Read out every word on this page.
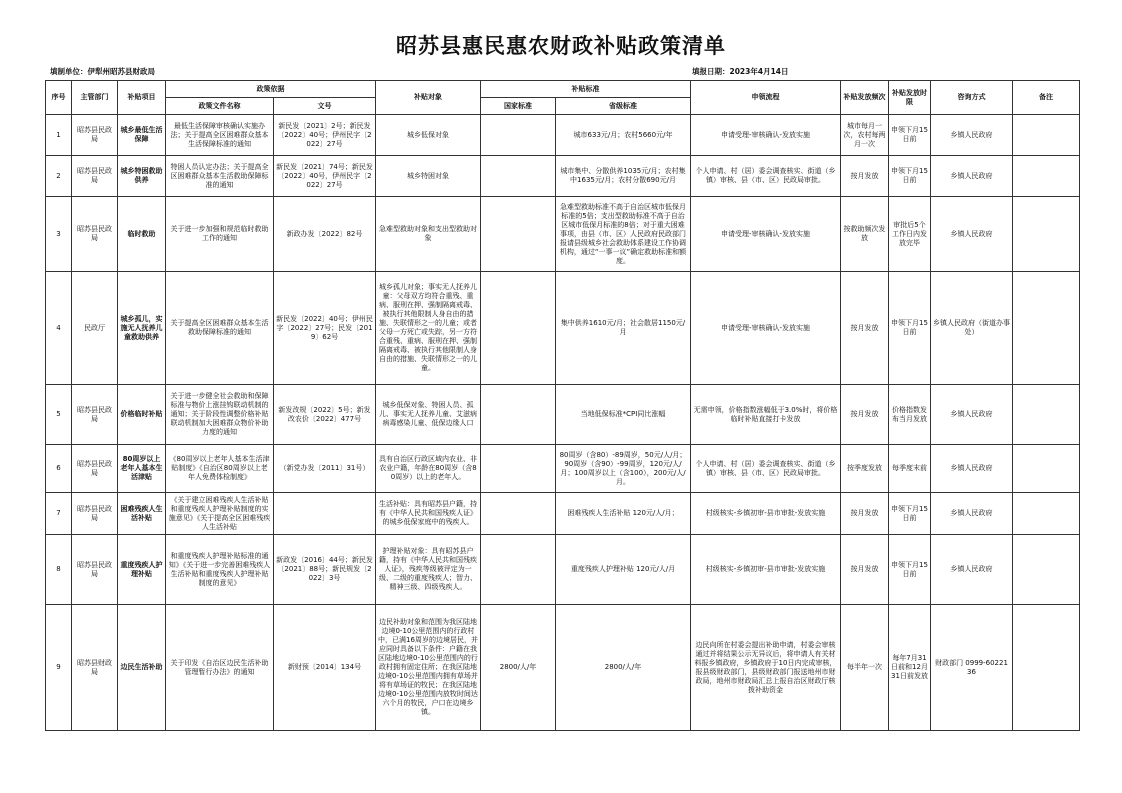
昭苏县惠民惠农财政补贴政策清单
填制单位：伊犁州昭苏县财政局	填报日期：2023年4月14日
序号	主管部门	补贴项目	政策依据		补贴对象	补贴标准		申领流程	补贴发放频次	补贴发放时限	咨询方式	备注
			政策文件名称	文号		国家标准	省级标准					
1	昭苏县民政局	城乡最低生活保障	最低生活保障审核确认实施办法；关于提高全区困难群众基本生活保障标准的通知	新民发〔2021〕2号；新民发〔2022〕40号；伊州民字〔2022〕27号	城乡低保对象		城市633元/月；农村5660元/年	申请受理-审核确认-发放实施	城市每月一次，农村每两月一次	申领下月15日前	乡镇人民政府	
2	昭苏县民政局	城乡特困救助供养	特困人员认定办法；关于提高全区困难群众基本生活救助保障标准的通知	新民发〔2021〕74号；新民发〔2022〕40号，伊州民字〔2022〕27号	城乡特困对象		城市集中、分散供养1035元/月；农村集中1635元/月；农村分散690元/月	个人申请、村（居）委会调查核实、街道（乡镇）审核、县（市、区）民政局审批。	按月发放	申领下月15日前	乡镇人民政府	
3	昭苏县民政局	临时救助	关于进一步加强和规范临时救助工作的通知	新政办发〔2022〕82号	急难型救助对象和支出型救助对象		急难型救助标准不高于自治区城市低保月标准的5倍；支出型救助标准不高于自治区城市低保月标准的8倍；对于重大困难事项，由县（市、区）人民政府民政部门报请县级城乡社会救助体系建设工作协调机构，通过“一事一议”确定救助标准和额度。	申请受理-审核确认-发放实施	按救助频次发放	审批后5个工作日内发放完毕	乡镇人民政府	
4	民政厅	城乡孤儿，实施无人抚养儿童救助供养	关于提高全区困难群众基本生活救助保障标准的通知	新民发〔2022〕40号；伊州民字〔2022〕27号；民发〔2019〕62号	城乡孤儿对象；事实无人抚养儿童：父母双方均符合重残、重病、服刑在押、强制隔离戒毒、被执行其他限制人身自由的措施、失联情形之一的儿童；或者父母一方死亡或失踪，另一方符合重残、重病、服刑在押、强制隔离戒毒、被执行其他限制人身自由的措施、失联情形之一的儿童。		集中供养1610元/月；社会散居1150元/月	申请受理-审核确认-发放实施	按月发放	申领下月15日前	乡镇人民政府（街道办事处）	
5	昭苏县民政局	价格临时补贴	关于进一步健全社会救助和保障标准与物价上涨挂钩联动机制的通知；关于阶段性调整价格补贴联动机制加大困难群众物价补助力度的通知	新发改规〔2022〕5号；新发改农价〔2022〕477号	城乡低保对象、特困人员、孤儿、事实无人抚养儿童、艾滋病病毒感染儿童、低保边缘人口		当地低保标准*CPI同比涨幅	无需申领，价格指数涨幅低于3.0%时，将价格临时补贴直接打卡发放	按月发放	价格指数发布当月发放	乡镇人民政府	
6	昭苏县民政局	80周岁以上老年人基本生活津贴	《80周岁以上老年人基本生活津贴制度》《自治区80周岁以上老年人免费体检制度》	（新党办发〔2011〕31号）	具有自治区行政区域内农业、非农业户籍，年龄在80周岁（含80周岁）以上的老年人。		80周岁（含80）-89周岁，50元/人/月；90周岁（含90）-99周岁，120元/人/月；100周岁以上（含100），200元/人/月。	个人申请、村（居）委会调查核实、街道（乡镇）审核、县（市、区）民政局审批。	按季度发放	每季度末前	乡镇人民政府	
7	昭苏县民政局	困难残疾人生活补贴	《关于建立困难残疾人生活补贴和重度残疾人护理补贴制度的实施意见》《关于提高全区困难残疾人生活补贴		生活补贴：具有昭苏县户籍，持有《中华人民共和国残疾人证》的城乡低保家庭中的残疾人。		困难残疾人生活补贴 120元/人/月；	村级核实-乡镇初审-县市审批-发放实施	按月发放	申领下月15日前	乡镇人民政府	
8	昭苏县民政局	重度残疾人护理补贴	和重度残疾人护理补贴标准的通知》《关于进一步完善困难残疾人生活补贴和重度残疾人护理补贴制度的意见》	新政发〔2016〕44号；新民发〔2021〕88号；新民规发〔2022〕3号	护理补贴对象：具有昭苏县户籍，持有《中华人民共和国残疾人证》，残疾等级被评定为一级、二级的重度残疾人；智力、精神三级、四级残疾人。		重度残疾人护理补贴 120元/人/月	村级核实-乡镇初审-县市审批-发放实施	按月发放	申领下月15日前	乡镇人民政府	
9	昭苏县财政局	边民生活补助	关于印发《自治区边民生活补助管理暂行办法》的通知	新财预〔2014〕134号	边民补助对象和范围为我区陆地边境0-10公里范围内的行政村中，已满16周岁的边境居民，并应同时具备以下条件：户籍在我区陆地边境0-10公里范围内的行政村拥有固定住所；在我区陆地边境0-10公里范围内拥有草场并将有草场证的牧民；在我区陆地边境0-10公里范围内放牧时间达六个月的牧民，户口在边境乡镇。	2800/人/年	2800/人/年	边民向所在村委会提出补助申请，村委会审核通过并将结果公示无异议后，将申请人有关材料报乡镇政府，乡镇政府于10日内完成审核，报县级财政部门，县级财政部门报送地州市财政局，地州市财政局汇总上报自治区财政厅核拨补助资金	每半年一次	每年7月31日前和12月31日前发放	财政部门 0999-6022136	
